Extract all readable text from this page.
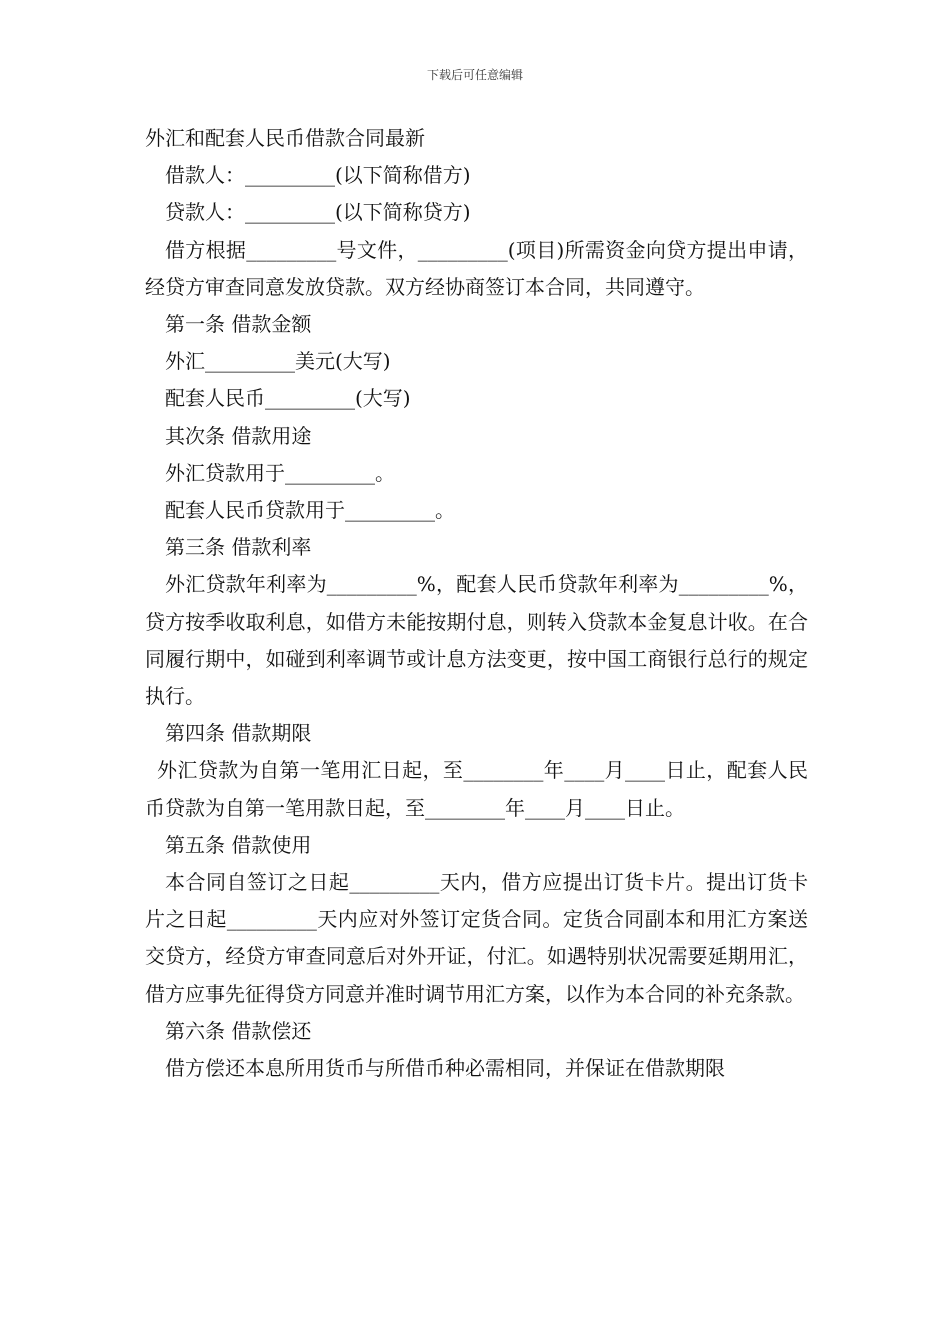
下载后可任意编辑

外汇和配套人民币借款合同最新

借款人：_________(以下简称借方)

贷款人：_________(以下简称贷方)

借方根据_________号文件，_________(项目)所需资金向贷方提出申请，经贷方审查同意发放贷款。双方经协商签订本合同，共同遵守。

第一条 借款金额

外汇_________美元(大写)

配套人民币_________(大写)

其次条 借款用途

外汇贷款用于_________。

配套人民币贷款用于_________。

第三条 借款利率

外汇贷款年利率为_________%，配套人民币贷款年利率为_________%，贷方按季收取利息，如借方未能按期付息，则转入贷款本金复息计收。在合同履行期中，如碰到利率调节或计息方法变更，按中国工商银行总行的规定执行。

第四条 借款期限

外汇贷款为自第一笔用汇日起，至________年____月____日止，配套人民币贷款为自第一笔用款日起，至________年____月____日止。

第五条 借款使用

本合同自签订之日起_________天内，借方应提出订货卡片。提出订货卡片之日起_________天内应对外签订定货合同。定货合同副本和用汇方案送交贷方，经贷方审查同意后对外开证，付汇。如遇特别状况需要延期用汇，借方应事先征得贷方同意并准时调节用汇方案，以作为本合同的补充条款。

第六条 借款偿还

借方偿还本息所用货币与所借币种必需相同，并保证在借款期限
